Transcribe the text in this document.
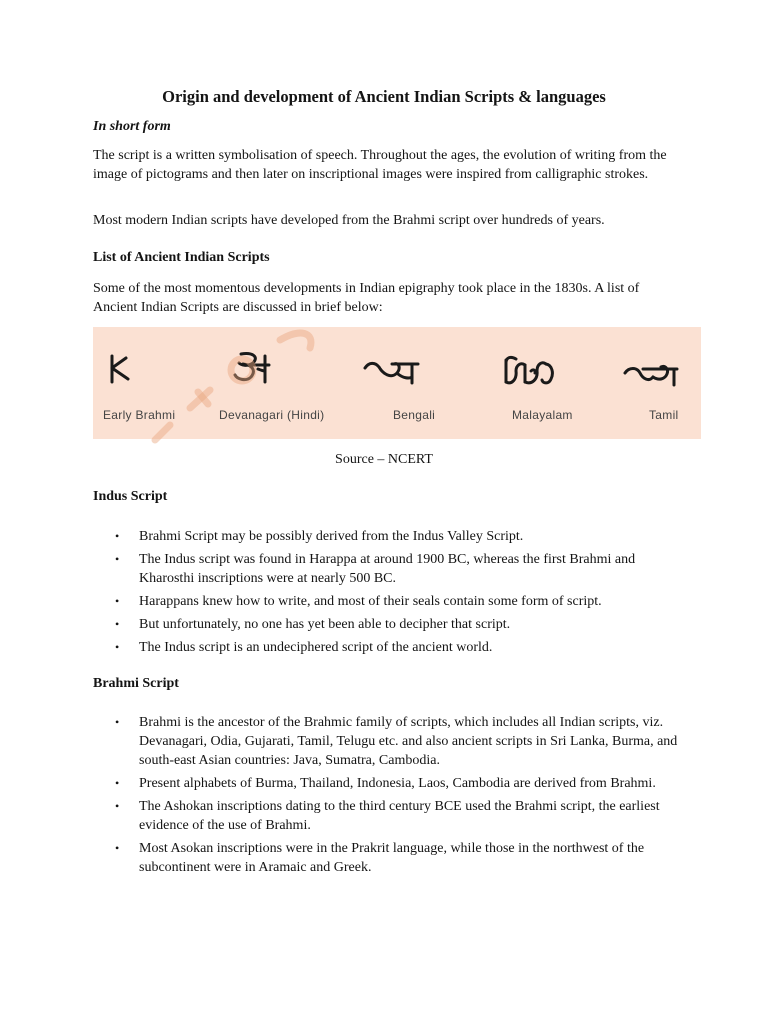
Origin and development of Ancient Indian Scripts & languages

In short form

The script is a written symbolisation of speech. Throughout the ages, the evolution of writing from the image of pictograms and then later on inscriptional images were inspired from calligraphic strokes.

Most modern Indian scripts have developed from the Brahmi script over hundreds of years.

List of Ancient Indian Scripts

Some of the most momentous developments in Indian epigraphy took place in the 1830s. A list of Ancient Indian Scripts are discussed in brief below:

Early Brahmi	Devanagari (Hindi)	Bengali	Malayalam	Tamil

Source – NCERT

Indus Script
• Brahmi Script may be possibly derived from the Indus Valley Script.
• The Indus script was found in Harappa at around 1900 BC, whereas the first Brahmi and Kharosthi inscriptions were at nearly 500 BC.
• Harappans knew how to write, and most of their seals contain some form of script.
• But unfortunately, no one has yet been able to decipher that script.
• The Indus script is an undeciphered script of the ancient world.
Brahmi Script
• Brahmi is the ancestor of the Brahmic family of scripts, which includes all Indian scripts, viz. Devanagari, Odia, Gujarati, Tamil, Telugu etc. and also ancient scripts in Sri Lanka, Burma, and south-east Asian countries: Java, Sumatra, Cambodia.
• Present alphabets of Burma, Thailand, Indonesia, Laos, Cambodia are derived from Brahmi.
• The Ashokan inscriptions dating to the third century BCE used the Brahmi script, the earliest evidence of the use of Brahmi.
• Most Asokan inscriptions were in the Prakrit language, while those in the northwest of the subcontinent were in Aramaic and Greek.
